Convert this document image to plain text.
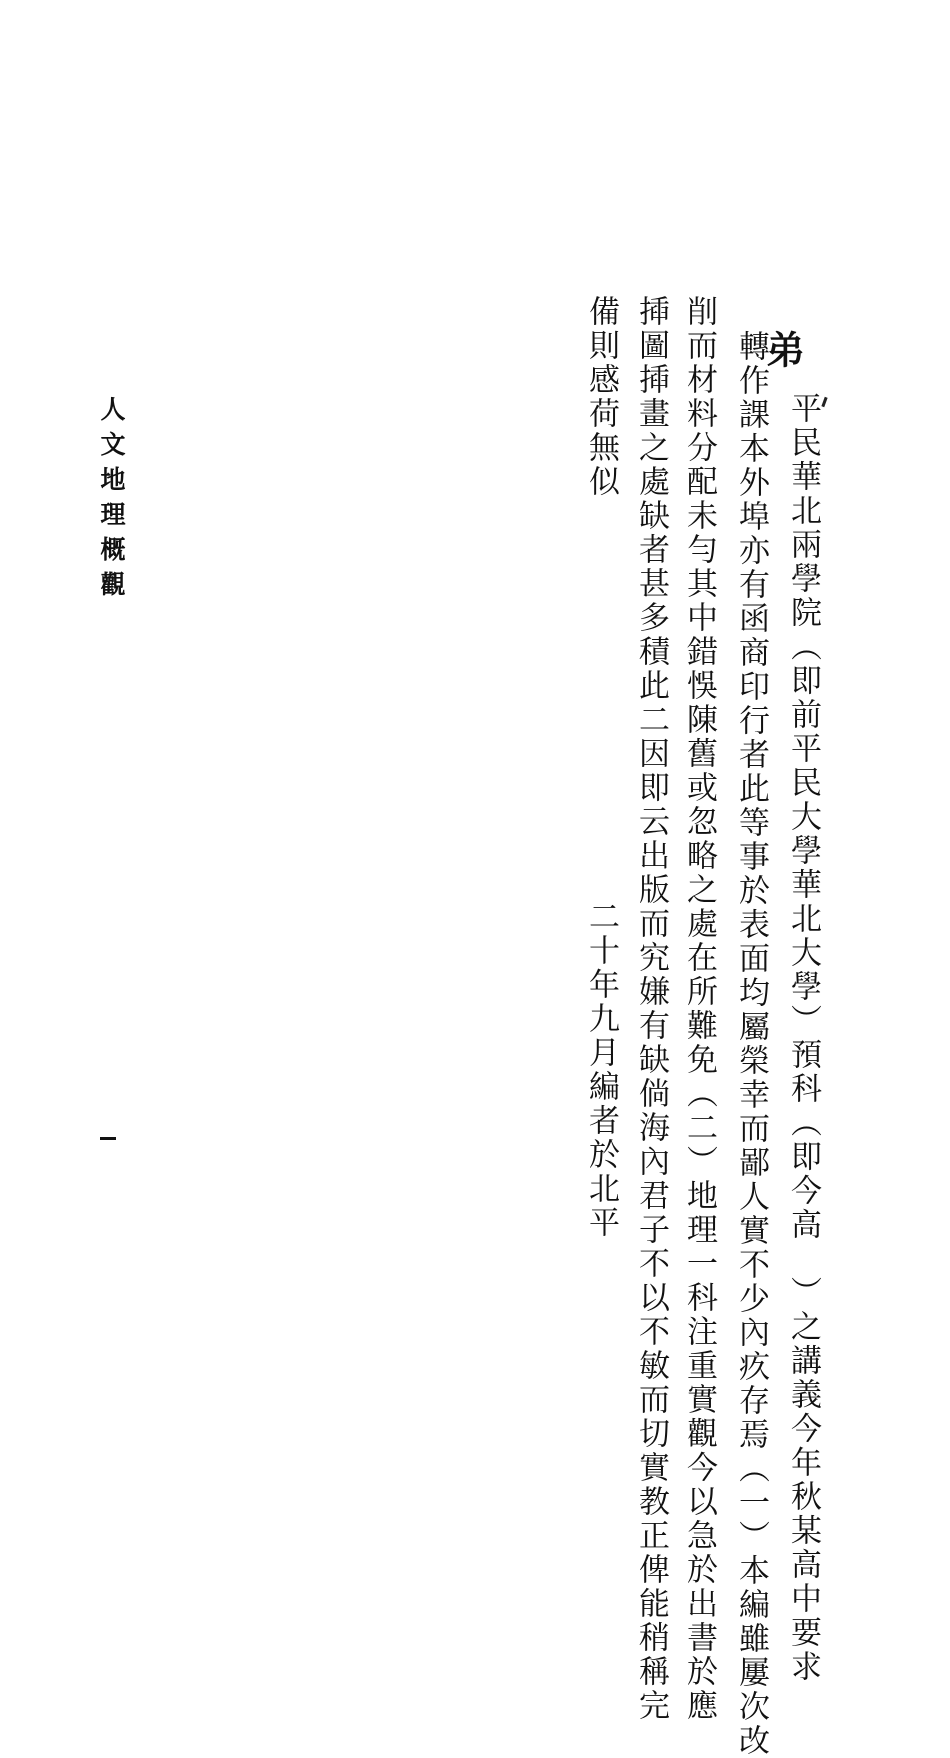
弟
平民華北兩學院（即前平民大學華北大學）預科（即今高　）之講義今年秋某高中要求
轉作課本外埠亦有函商印行者此等事於表面均屬榮幸而鄙人實不少內疚存焉（一）本編雖屢次改
削而材料分配未勻其中錯悞陳舊或忽略之處在所難免（二）地理一科注重實觀今以急於出書於應
揷圖揷畫之處缺者甚多積此二因即云出版而究嫌有缺倘海內君子不以不敏而切實教正俾能稍稱完
備則感荷無似
二十年九月編者於北平
人文地理概觀
